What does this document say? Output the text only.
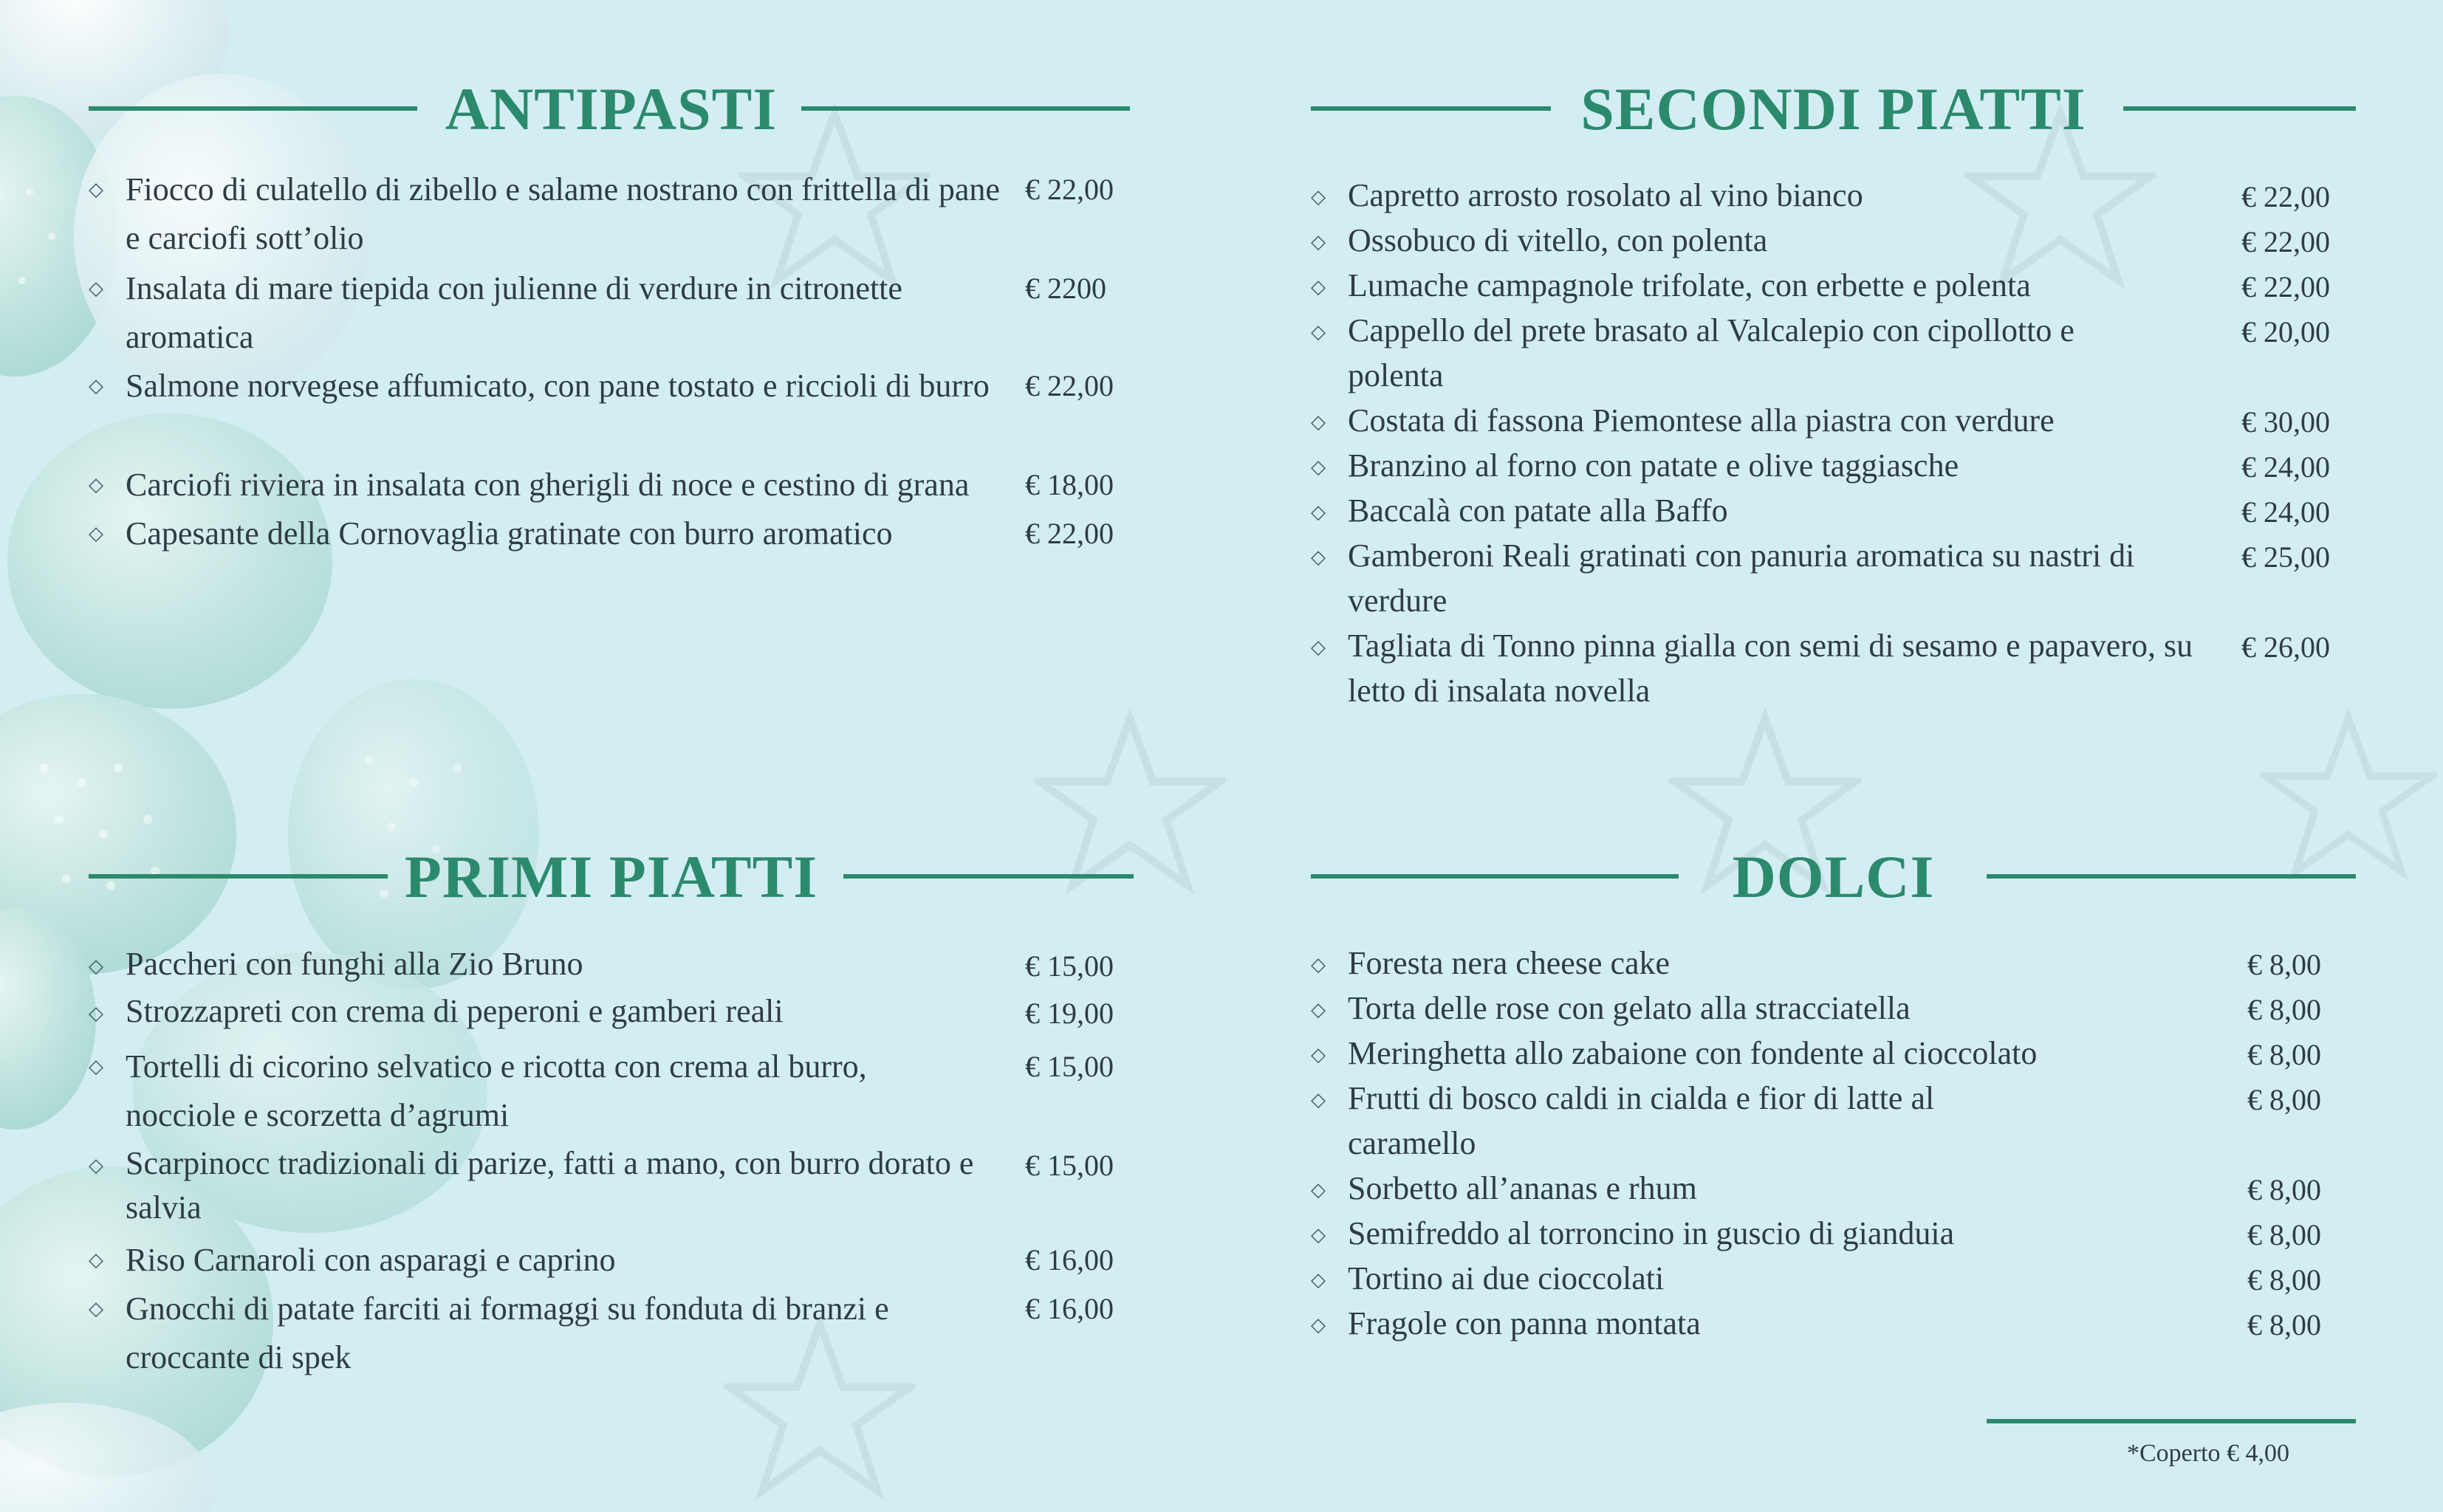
ANTIPASTI
◇ Fiocco di culatello di zibello e salame nostrano con frittella di pane e carciofi sott’olio
€ 22,00
◇ Insalata di mare tiepida con julienne di verdure in citronette aromatica
€ 2200
◇ Salmone norvegese affumicato, con pane tostato e riccioli di burro	€ 22,00
◇ Carciofi riviera in insalata con gherigli di noce e cestino di grana	€ 18,00
◇ Capesante della Cornovaglia gratinate con burro aromatico	€ 22,00
SECONDI PIATTI
◇ Capretto arrosto rosolato al vino bianco	€ 22,00
◇ Ossobuco di vitello, con polenta	€ 22,00
◇ Lumache campagnole trifolate, con erbette e polenta	€ 22,00
◇ Cappello del prete brasato al Valcalepio con cipollotto e polenta
€ 20,00
◇ Costata di fassona Piemontese alla piastra con verdure	€ 30,00
◇ Branzino al forno con patate e olive taggiasche	€ 24,00
◇ Baccalà con patate alla Baffo	€ 24,00
◇ Gamberoni Reali gratinati con panuria aromatica su nastri di verdure
€ 25,00
◇ Tagliata di Tonno pinna gialla con semi di sesamo e papavero, su letto di insalata novella
€ 26,00
PRIMI PIATTI
◇ Paccheri con funghi alla Zio Bruno	€ 15,00
◇ Strozzapreti con crema di peperoni e gamberi reali	€ 19,00
◇ Tortelli di cicorino selvatico e ricotta con crema al burro, nocciole e scorzetta d’agrumi
€ 15,00
◇ Scarpinocc tradizionali di parize, fatti a mano, con burro dorato e salvia
€ 15,00
◇ Riso Carnaroli con asparagi e caprino	€ 16,00
◇ Gnocchi di patate farciti ai formaggi su fonduta di branzi e croccante di spek
€ 16,00
DOLCI
◇ Foresta nera cheese cake	€ 8,00
◇ Torta delle rose con gelato alla stracciatella	€ 8,00
◇ Meringhetta allo zabaione con fondente al cioccolato	€ 8,00
◇ Frutti di bosco caldi in cialda e fior di latte al caramello
€ 8,00
◇ Sorbetto all’ananas e rhum	€ 8,00
◇ Semifreddo al torroncino in guscio di gianduia	€ 8,00
◇ Tortino ai due cioccolati	€ 8,00
◇ Fragole con panna montata	€ 8,00
*Coperto € 4,00
